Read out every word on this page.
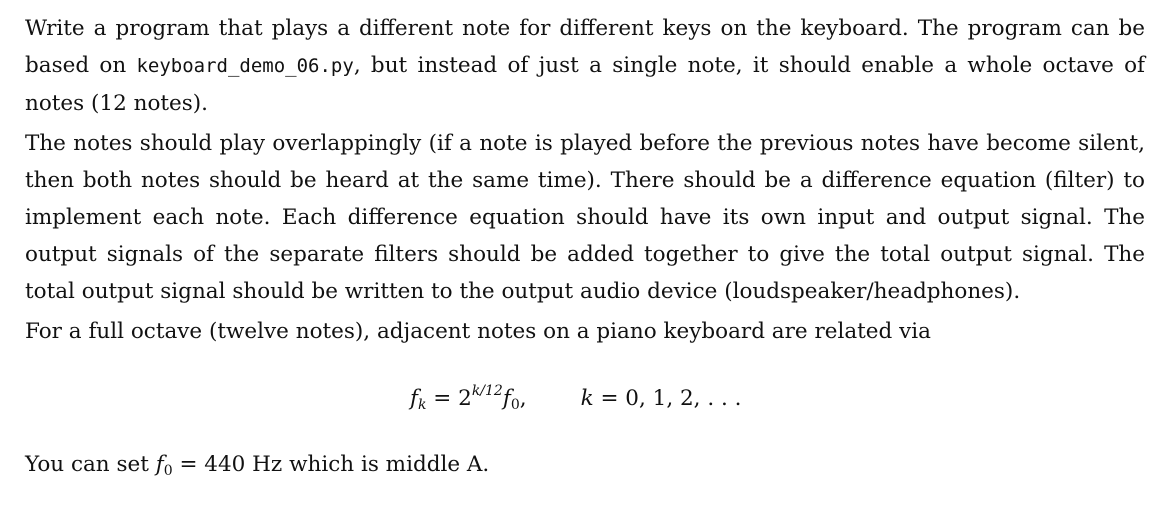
Write a program that plays a different note for different keys on the keyboard. The program can be based on keyboard_demo_06.py, but instead of just a single note, it should enable a whole octave of notes (12 notes).

The notes should play overlappingly (if a note is played before the previous notes have become silent, then both notes should be heard at the same time). There should be a difference equation (filter) to implement each note. Each difference equation should have its own input and output signal. The output signals of the separate filters should be added together to give the total output signal. The total output signal should be written to the output audio device (loudspeaker/headphones).

For a full octave (twelve notes), adjacent notes on a piano keyboard are related via

$f_k = 2^{k/12}f_0$,	k = 0, 1, 2, . . .

You can set $f_0 = 440$ Hz which is middle A.
